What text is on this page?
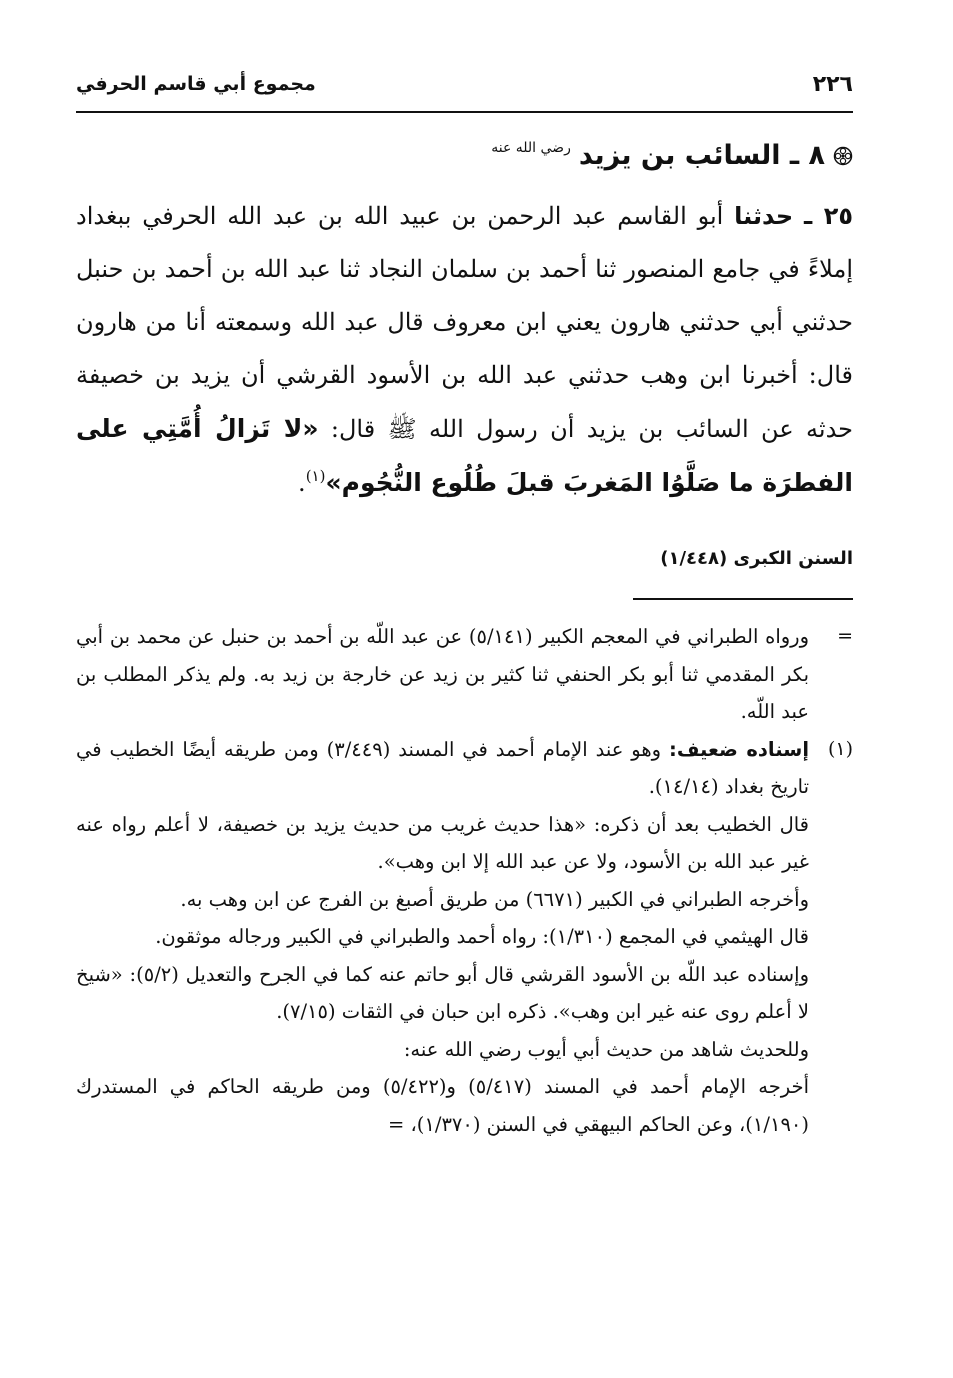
٢٢٦
مجموع أبي قاسم الحرفي
٨ ـ السائب بن يزيد
رضي الله عنه
٢٥ ـ حدثنا أبو القاسم عبد الرحمن بن عبيد الله بن عبد الله الحرفي ببغداد إملاءً في جامع المنصور ثنا أحمد بن سلمان النجاد ثنا عبد الله بن أحمد بن حنبل حدثني أبي حدثني هارون يعني ابن معروف قال عبد الله وسمعته أنا من هارون قال: أخبرنا ابن وهب حدثني عبد الله بن الأسود القرشي أن يزيد بن خصيفة حدثه عن السائب بن يزيد أن رسول الله ﷺ قال: «لا تَزالُ أُمَّتِي على الفطرَة ما صَلَّوُا المَغربَ قبلَ طُلُوع النُّجُوم»$^{(١)}$.
السنن الكبرى (١/٤٤٨)
=

ورواه الطبراني في المعجم الكبير (٥/١٤١) عن عبد اللّه بن أحمد بن حنبل عن محمد بن أبي بكر المقدمي ثنا أبو بكر الحنفي ثنا كثير بن زيد عن خارجة بن زيد به. ولم يذكر المطلب بن عبد اللّه.

(١)

إسناده ضعيف: وهو عند الإمام أحمد في المسند (٣/٤٤٩) ومن طريقه أيضًا الخطيب في تاريخ بغداد (١٤/١٤).

قال الخطيب بعد أن ذكره: «هذا حديث غريب من حديث يزيد بن خصيفة، لا أعلم رواه عنه غير عبد الله بن الأسود، ولا عن عبد الله إلا ابن وهب».

وأخرجه الطبراني في الكبير (٦٦٧١) من طريق أصبغ بن الفرج عن ابن وهب به.

قال الهيثمي في المجمع (١/٣١٠): رواه أحمد والطبراني في الكبير ورجاله موثقون.

وإسناده عبد اللّه بن الأسود القرشي قال أبو حاتم عنه كما في الجرح والتعديل (٥/٢): «شيخ لا أعلم روى عنه غير ابن وهب». ذكره ابن حبان في الثقات (٧/١٥).

وللحديث شاهد من حديث أبي أيوب رضي الله عنه:

أخرجه الإمام أحمد في المسند (٥/٤١٧) و(٥/٤٢٢) ومن طريقه الحاكم في المستدرك (١/١٩٠)، وعن الحاكم البيهقي في السنن (١/٣٧٠)، =
